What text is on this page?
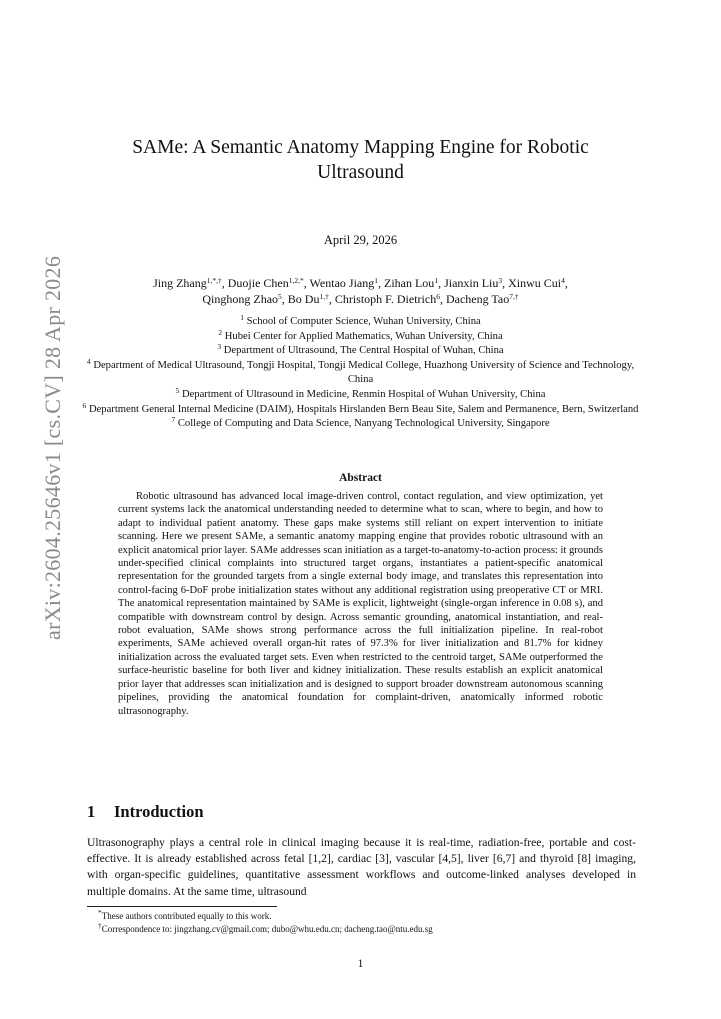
arXiv:2604.25646v1 [cs.CV] 28 Apr 2026
SAMe: A Semantic Anatomy Mapping Engine for Robotic
Ultrasound
April 29, 2026
Jing Zhang$^{1,*,\dagger}$, Duojie Chen$^{1,2,*}$, Wentao Jiang$^1$, Zihan Lou$^1$, Jianxin Liu$^3$, Xinwu Cui$^4$,
Qinghong Zhao$^5$, Bo $Du^{1,\dagger}$, Christoph F. Dietrich$^6$, Dacheng Tao$^{7,\dagger}$
$^1$ School of Computer Science, Wuhan University, China
$^2$ Hubei Center for Applied Mathematics, Wuhan University, China
$^3$ Department of Ultrasound, The Central Hospital of Wuhan, China
$^4$ Department of Medical Ultrasound, Tongji Hospital, Tongji Medical College, Huazhong University of Science and Technology, China
$^5$ Department of Ultrasound in Medicine, Renmin Hospital of Wuhan University, China
$^6$ Department General Internal Medicine (DAIM), Hospitals Hirslanden Bern Beau Site, Salem and Permanence, Bern, Switzerland
$^7$ College of Computing and Data Science, Nanyang Technological University, Singapore
Abstract

Robotic ultrasound has advanced local image-driven control, contact regulation, and view optimization, yet current systems lack the anatomical understanding needed to determine what to scan, where to begin, and how to adapt to individual patient anatomy. These gaps make systems still reliant on expert intervention to initiate scanning. Here we present SAMe, a semantic anatomy mapping engine that provides robotic ultrasound with an explicit anatomical prior layer. SAMe addresses scan initiation as a target-to-anatomy-to-action process: it grounds under-specified clinical complaints into structured target organs, instantiates a patient-specific anatomical representation for the grounded targets from a single external body image, and translates this representation into control-facing 6-DoF probe initialization states without any additional registration using preoperative CT or MRI. The anatomical representation maintained by SAMe is explicit, lightweight (single-organ inference in 0.08 s), and compatible with downstream control by design. Across semantic grounding, anatomical instantiation, and real-robot evaluation, SAMe shows strong performance across the full initialization pipeline. In real-robot experiments, SAMe achieved overall organ-hit rates of 97.3% for liver initialization and 81.7% for kidney initialization across the evaluated target sets. Even when restricted to the centroid target, SAMe outperformed the surface-heuristic baseline for both liver and kidney initialization. These results establish an explicit anatomical prior layer that addresses scan initialization and is designed to support broader downstream autonomous scanning pipelines, providing the anatomical foundation for complaint-driven, anatomically informed robotic ultrasonography.

1 Introduction

Ultrasonography plays a central role in clinical imaging because it is real-time, radiation-free, portable and cost-effective. It is already established across fetal [1,2], cardiac [3], vascular [4,5], liver [6,7] and thyroid [8] imaging, with organ-specific guidelines, quantitative assessment workflows and outcome-linked analyses developed in multiple domains. At the same time, ultrasound

*These authors contributed equally to this work.
†Correspondence to: jingzhang.cv@gmail.com; dubo@whu.edu.cn; dacheng.tao@ntu.edu.sg
1
